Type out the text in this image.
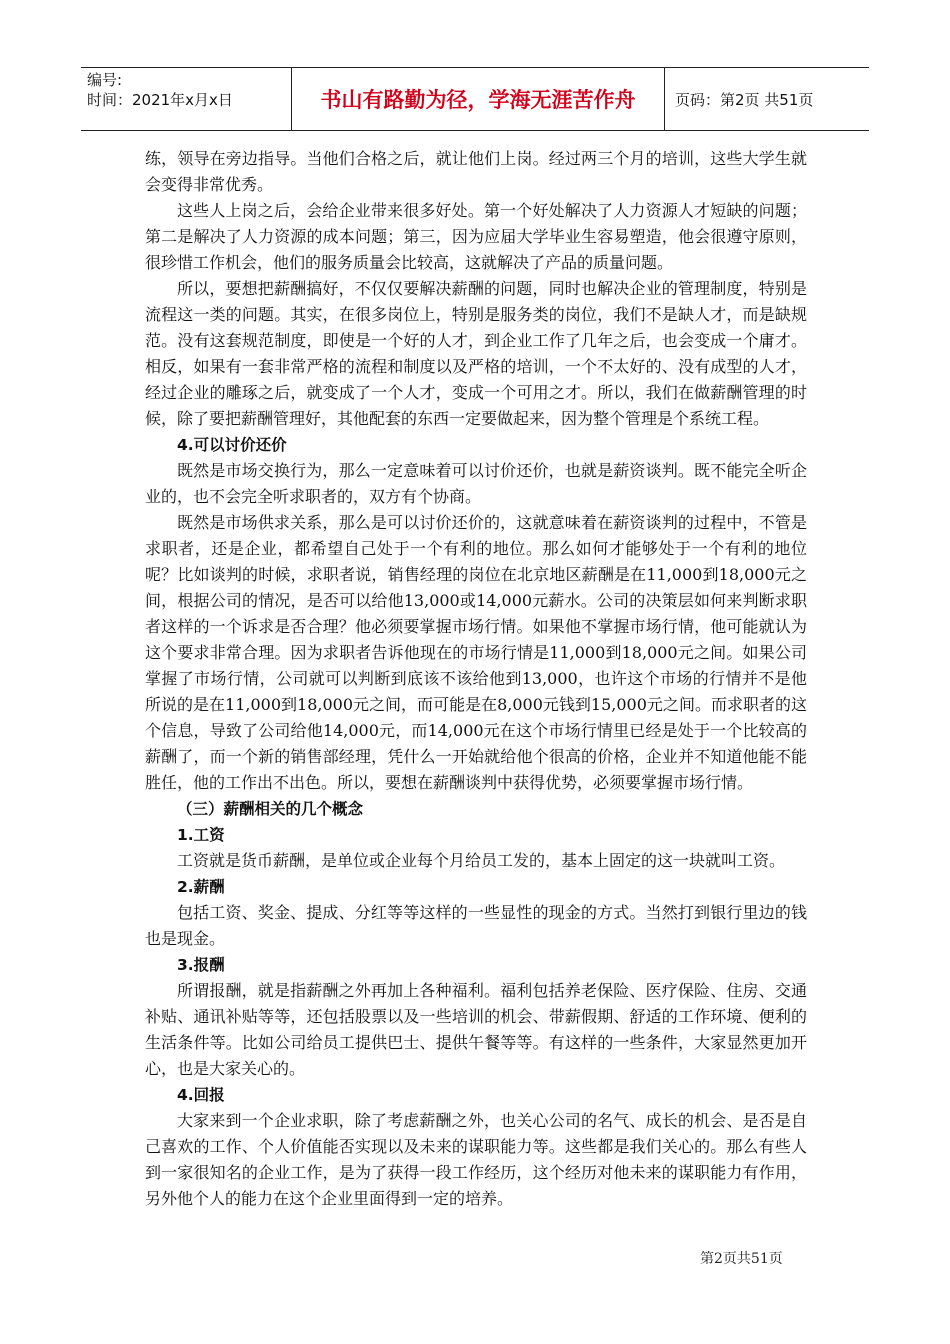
编号:
时间：2021年x月x日	书山有路勤为径，学海无涯苦作舟	页码：第2页 共51页

练，领导在旁边指导。当他们合格之后，就让他们上岗。经过两三个月的培训，这些大学生就会变得非常优秀。

这些人上岗之后，会给企业带来很多好处。第一个好处解决了人力资源人才短缺的问题；第二是解决了人力资源的成本问题；第三，因为应届大学毕业生容易塑造，他会很遵守原则，很珍惜工作机会，他们的服务质量会比较高，这就解决了产品的质量问题。

所以，要想把薪酬搞好，不仅仅要解决薪酬的问题，同时也解决企业的管理制度，特别是流程这一类的问题。其实，在很多岗位上，特别是服务类的岗位，我们不是缺人才，而是缺规范。没有这套规范制度，即使是一个好的人才，到企业工作了几年之后，也会变成一个庸才。相反，如果有一套非常严格的流程和制度以及严格的培训，一个不太好的、没有成型的人才，经过企业的雕琢之后，就变成了一个人才，变成一个可用之才。所以，我们在做薪酬管理的时候，除了要把薪酬管理好，其他配套的东西一定要做起来，因为整个管理是个系统工程。

4.可以讨价还价

既然是市场交换行为，那么一定意味着可以讨价还价，也就是薪资谈判。既不能完全听企业的，也不会完全听求职者的，双方有个协商。

既然是市场供求关系，那么是可以讨价还价的，这就意味着在薪资谈判的过程中，不管是求职者，还是企业，都希望自己处于一个有利的地位。那么如何才能够处于一个有利的地位呢？比如谈判的时候，求职者说，销售经理的岗位在北京地区薪酬是在11,000到18,000元之间，根据公司的情况，是否可以给他13,000或14,000元薪水。公司的决策层如何来判断求职者这样的一个诉求是否合理？他必须要掌握市场行情。如果他不掌握市场行情，他可能就认为这个要求非常合理。因为求职者告诉他现在的市场行情是11,000到18,000元之间。如果公司掌握了市场行情，公司就可以判断到底该不该给他到13,000，也许这个市场的行情并不是他所说的是在11,000到18,000元之间，而可能是在8,000元钱到15,000元之间。而求职者的这个信息，导致了公司给他14,000元，而14,000元在这个市场行情里已经是处于一个比较高的薪酬了，而一个新的销售部经理，凭什么一开始就给他个很高的价格，企业并不知道他能不能胜任，他的工作出不出色。所以，要想在薪酬谈判中获得优势，必须要掌握市场行情。

（三）薪酬相关的几个概念

1.工资

工资就是货币薪酬，是单位或企业每个月给员工发的，基本上固定的这一块就叫工资。

2.薪酬

包括工资、奖金、提成、分红等等这样的一些显性的现金的方式。当然打到银行里边的钱也是现金。

3.报酬

所谓报酬，就是指薪酬之外再加上各种福利。福利包括养老保险、医疗保险、住房、交通补贴、通讯补贴等等，还包括股票以及一些培训的机会、带薪假期、舒适的工作环境、便利的生活条件等。比如公司给员工提供巴士、提供午餐等等。有这样的一些条件，大家显然更加开心，也是大家关心的。

4.回报

大家来到一个企业求职，除了考虑薪酬之外，也关心公司的名气、成长的机会、是否是自己喜欢的工作、个人价值能否实现以及未来的谋职能力等。这些都是我们关心的。那么有些人到一家很知名的企业工作，是为了获得一段工作经历，这个经历对他未来的谋职能力有作用，另外他个人的能力在这个企业里面得到一定的培养。

第2页共51页
